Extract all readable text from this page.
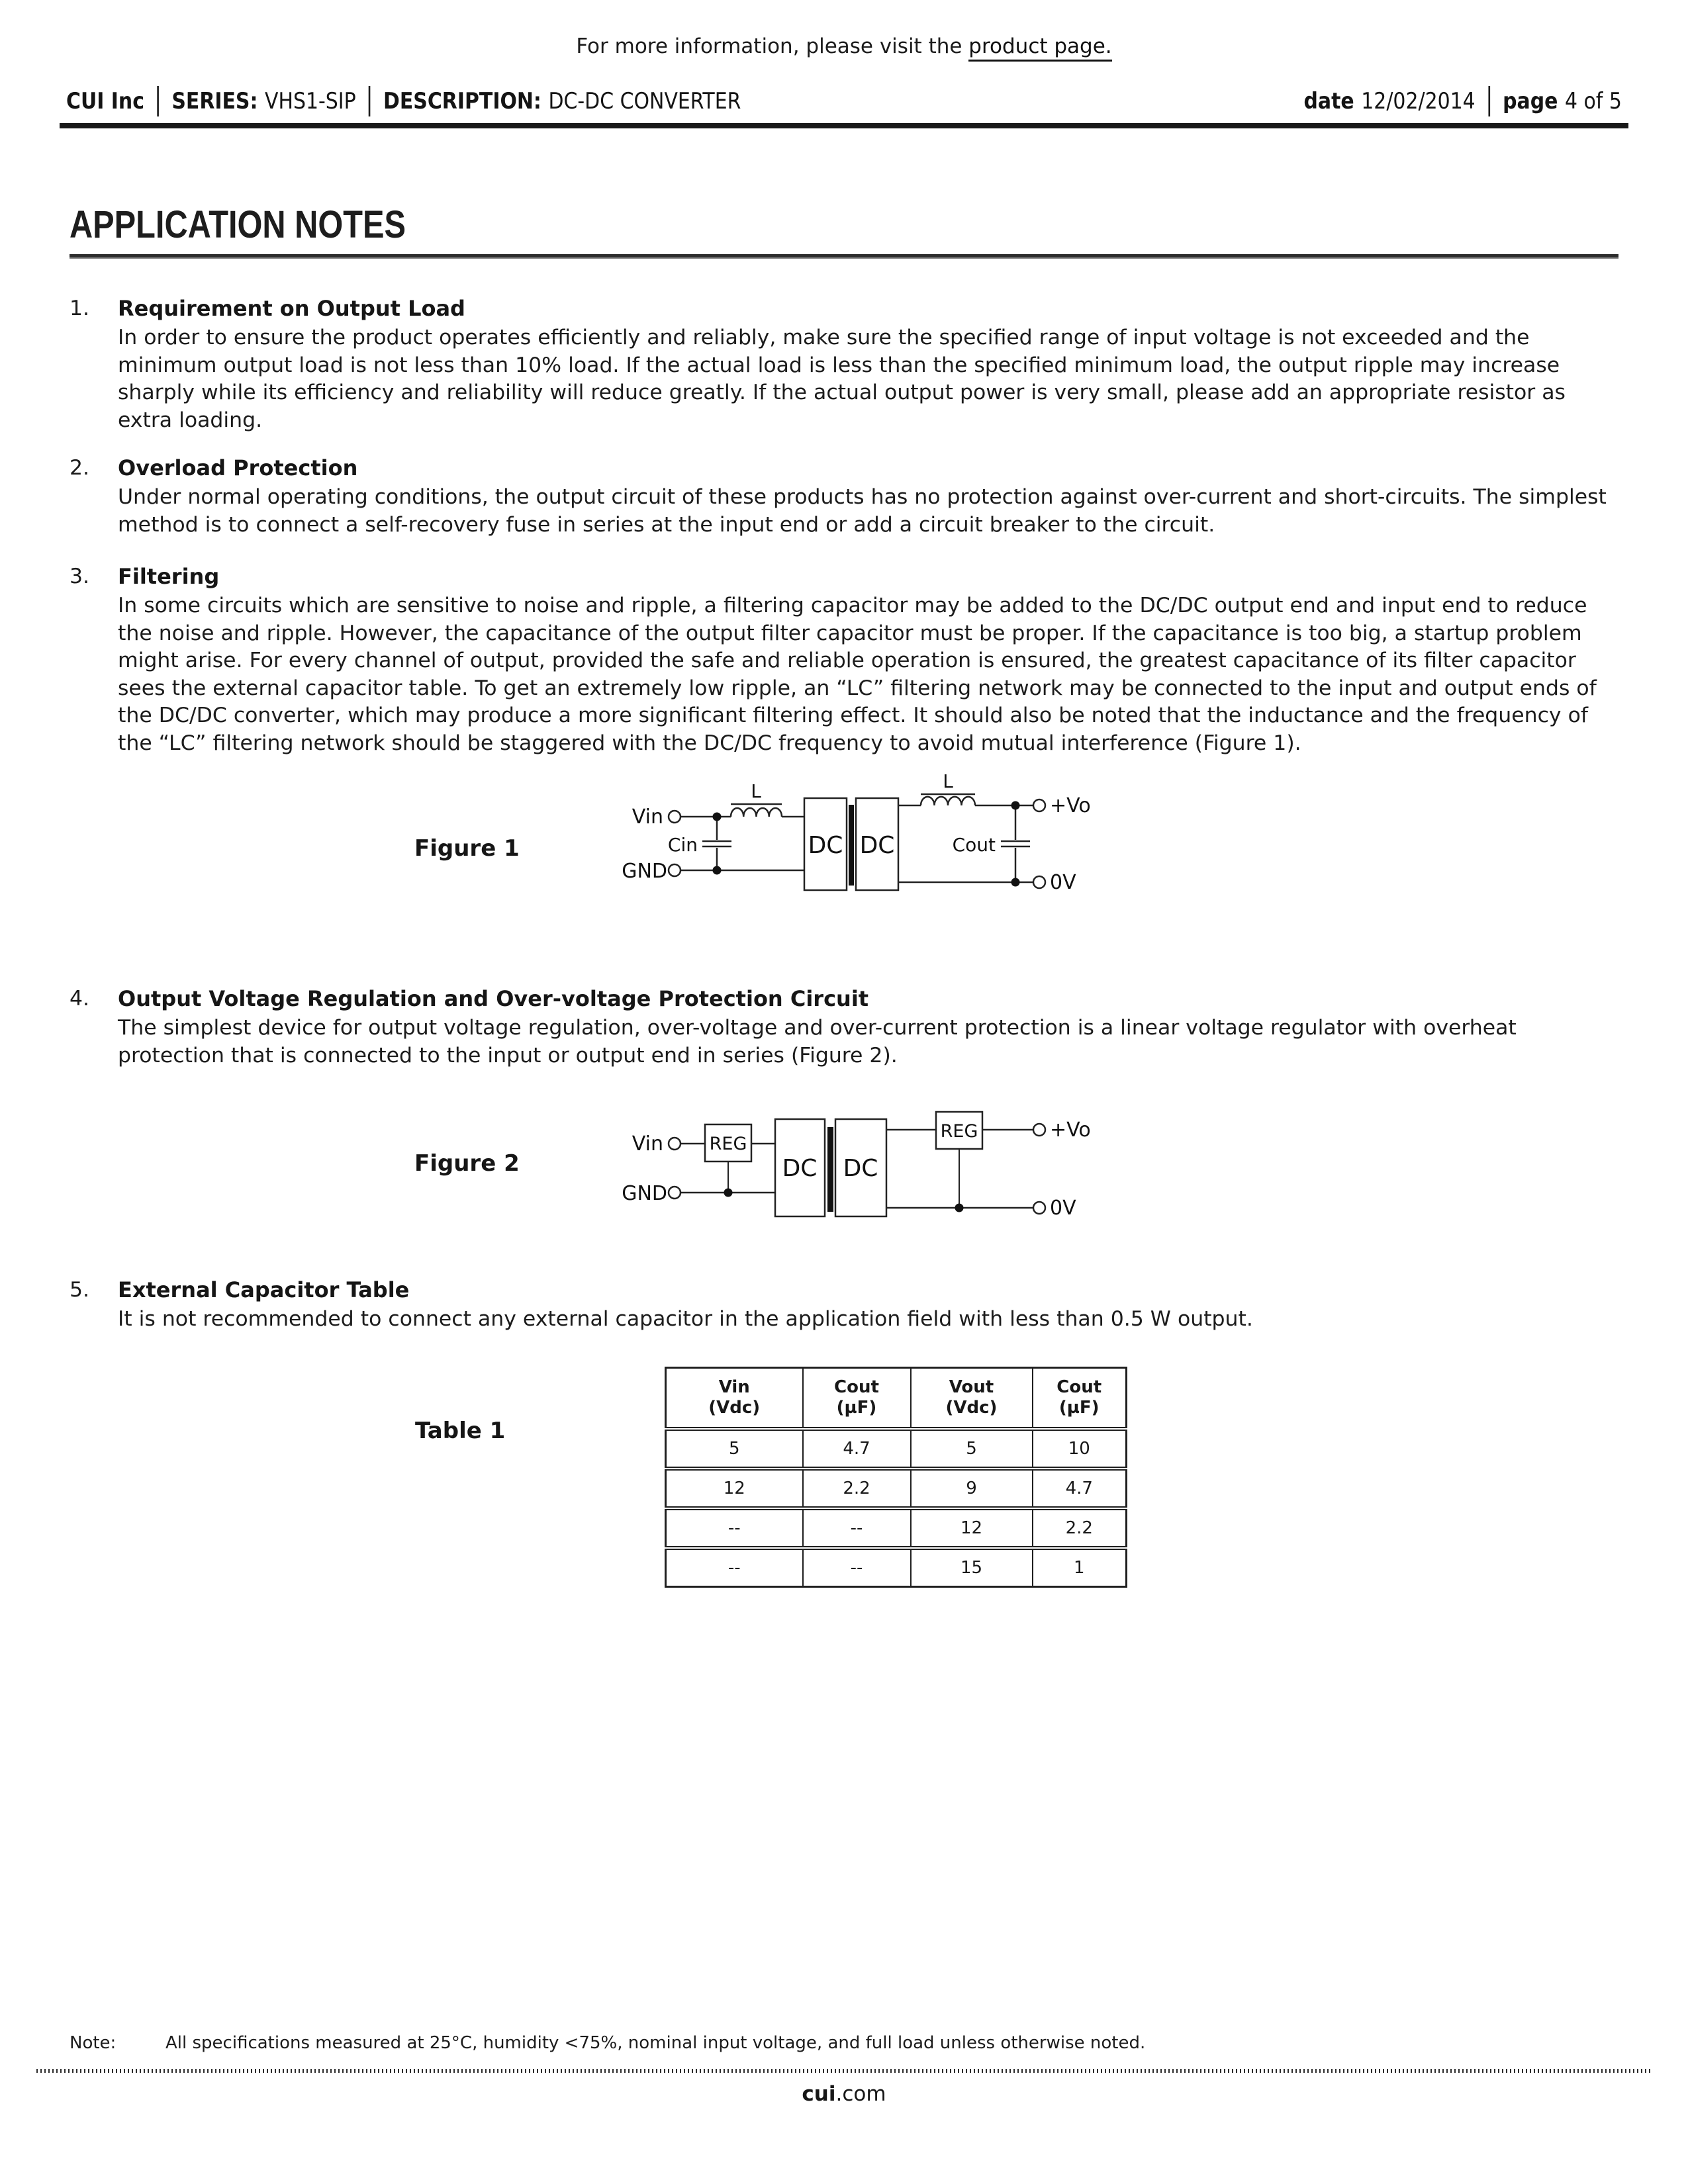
For more information, please visit the product page.
CUI Inc SERIES: VHS1-SIP DESCRIPTION: DC-DC CONVERTER	date 12/02/2014 page 4 of 5
APPLICATION NOTES
1.	Requirement on Output Load
In order to ensure the product operates efficiently and reliably, make sure the specified range of input voltage is not exceeded and the minimum output load is not less than 10% load. If the actual load is less than the specified minimum load, the output ripple may increase sharply while its efficiency and reliability will reduce greatly. If the actual output power is very small, please add an appropriate resistor as extra loading.
2.	Overload Protection
Under normal operating conditions, the output circuit of these products has no protection against over-current and short-circuits. The simplest method is to connect a self-recovery fuse in series at the input end or add a circuit breaker to the circuit.
3.	Filtering
In some circuits which are sensitive to noise and ripple, a filtering capacitor may be added to the DC/DC output end and input end to reduce the noise and ripple. However, the capacitance of the output filter capacitor must be proper. If the capacitance is too big, a startup problem might arise. For every channel of output, provided the safe and reliable operation is ensured, the greatest capacitance of its filter capacitor sees the external capacitor table. To get an extremely low ripple, an “LC” filtering network may be connected to the input and output ends of the DC/DC converter, which may produce a more significant filtering effect. It should also be noted that the inductance and the frequency of the “LC” filtering network should be staggered with the DC/DC frequency to avoid mutual interference (Figure 1).
Figure 1
Vin
GND
Cin
L	L
DC DC	Cout
+Vo
0V
4.	Output Voltage Regulation and Over-voltage Protection Circuit
The simplest device for output voltage regulation, over-voltage and over-current protection is a linear voltage regulator with overheat protection that is connected to the input or output end in series (Figure 2).
Figure 2
Vin
GND
REG
REG
DC DC
+Vo
0V
5.	External Capacitor Table
It is not recommended to connect any external capacitor in the application field with less than 0.5 W output.
Table 1
Vin
(Vdc)

Cout
(µF)

Vout
(Vdc)

Cout
(µF)

5	4.7	5	10
12	2.2	9	4.7
--	--	12	2.2
--	--	15	1
Note:	All specifications measured at 25°C, humidity <75%, nominal input voltage, and full load unless otherwise noted.
cui.com
